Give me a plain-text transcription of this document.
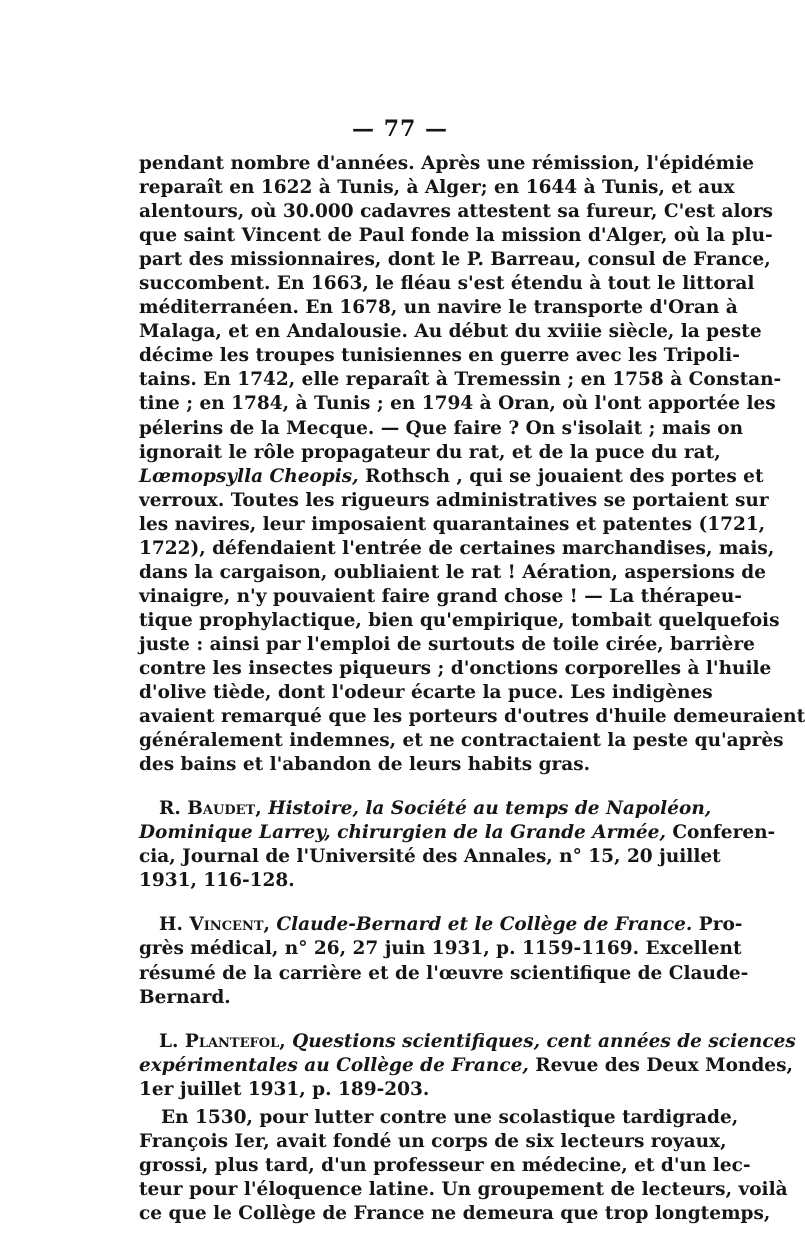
— 77 —
pendant nombre d'années. Après une rémission, l'épidémie
reparaît en 1622 à Tunis, à Alger; en 1644 à Tunis, et aux
alentours, où 30.000 cadavres attestent sa fureur, C'est alors
que saint Vincent de Paul fonde la mission d'Alger, où la plu-
part des missionnaires, dont le P. Barreau, consul de France,
succombent. En 1663, le fléau s'est étendu à tout le littoral
méditerranéen. En 1678, un navire le transporte d'Oran à
Malaga, et en Andalousie. Au début du xviiie siècle, la peste
décime les troupes tunisiennes en guerre avec les Tripoli-
tains. En 1742, elle reparaît à Tremessin ; en 1758 à Constan-
tine ; en 1784, à Tunis ; en 1794 à Oran, où l'ont apportée les
pélerins de la Mecque. — Que faire ? On s'isolait ; mais on
ignorait le rôle propagateur du rat, et de la puce du rat,
Lœmopsylla Cheopis, Rothsch , qui se jouaient des portes et
verroux. Toutes les rigueurs administratives se portaient sur
les navires, leur imposaient quarantaines et patentes (1721,
1722), défendaient l'entrée de certaines marchandises, mais,
dans la cargaison, oubliaient le rat ! Aération, aspersions de
vinaigre, n'y pouvaient faire grand chose ! — La thérapeu-
tique prophylactique, bien qu'empirique, tombait quelquefois
juste : ainsi par l'emploi de surtouts de toile cirée, barrière
contre les insectes piqueurs ; d'onctions corporelles à l'huile
d'olive tiède, dont l'odeur écarte la puce. Les indigènes
avaient remarqué que les porteurs d'outres d'huile demeuraient
généralement indemnes, et ne contractaient la peste qu'après
des bains et l'abandon de leurs habits gras.
R. Baudet, Histoire, la Société au temps de Napoléon,
Dominique Larrey, chirurgien de la Grande Armée, Conferen-
cia, Journal de l'Université des Annales, n° 15, 20 juillet
1931, 116-128.
H. Vincent, Claude-Bernard et le Collège de France. Pro-
grès médical, n° 26, 27 juin 1931, p. 1159-1169. Excellent
résumé de la carrière et de l'œuvre scientifique de Claude-
Bernard.
L. Plantefol, Questions scientifiques, cent années de sciences
expérimentales au Collège de France, Revue des Deux Mondes,
1er juillet 1931, p. 189-203.
En 1530, pour lutter contre une scolastique tardigrade,
François Ier, avait fondé un corps de six lecteurs royaux,
grossi, plus tard, d'un professeur en médecine, et d'un lec-
teur pour l'éloquence latine. Un groupement de lecteurs, voilà
ce que le Collège de France ne demeura que trop longtemps,
